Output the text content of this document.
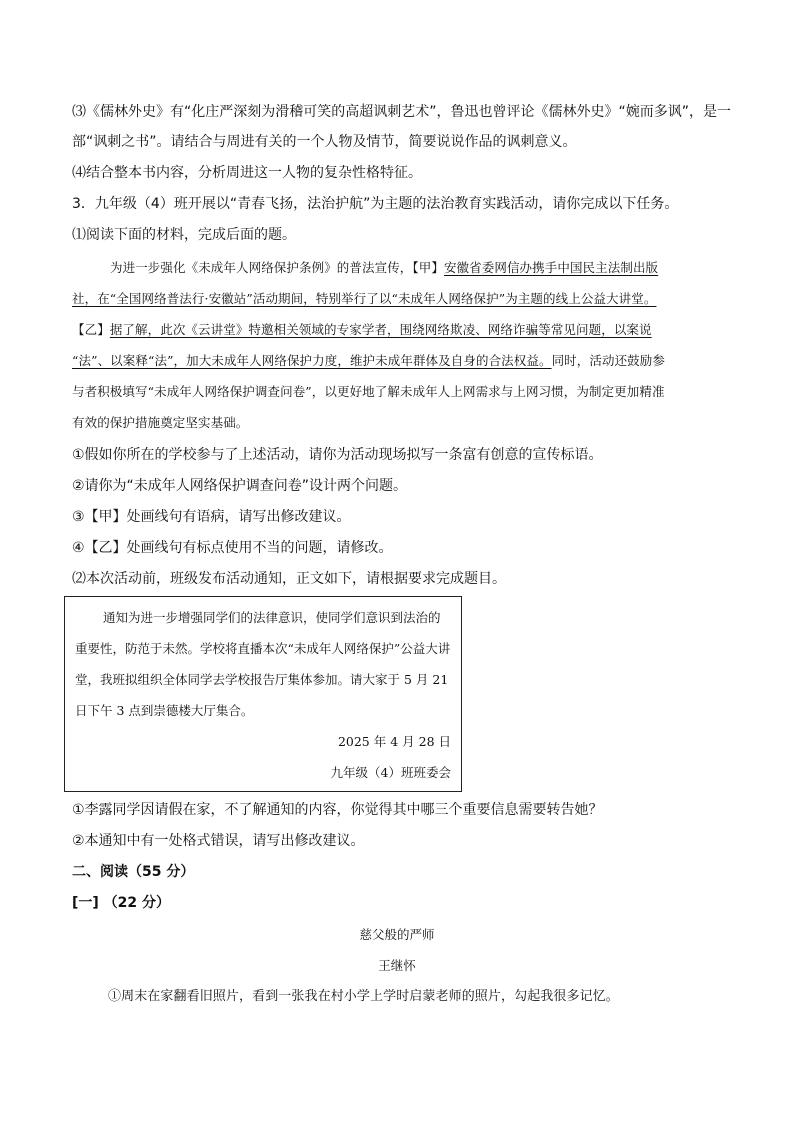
⑶《儒林外史》有“化庄严深刻为滑稽可笑的高超讽刺艺术”，鲁迅也曾评论《儒林外史》“婉而多讽”，是一
部“讽刺之书”。请结合与周进有关的一个人物及情节，简要说说作品的讽刺意义。
⑷结合整本书内容，分析周进这一人物的复杂性格特征。
3．九年级（4）班开展以“青春飞扬，法治护航”为主题的法治教育实践活动，请你完成以下任务。
⑴阅读下面的材料，完成后面的题。
为进一步强化《未成年人网络保护条例》的普法宣传，【甲】安徽省委网信办携手中国民主法制出版
社，在“全国网络普法行·安徽站”活动期间，特别举行了以“未成年人网络保护”为主题的线上公益大讲堂。
【乙】据了解，此次《云讲堂》特邀相关领域的专家学者，围绕网络欺凌、网络诈骗等常见问题，以案说
“法”、以案释“法”，加大未成年人网络保护力度，维护未成年群体及自身的合法权益。同时，活动还鼓励参
与者积极填写“未成年人网络保护调查问卷”，以更好地了解未成年人上网需求与上网习惯，为制定更加精准
有效的保护措施奠定坚实基础。
①假如你所在的学校参与了上述活动，请你为活动现场拟写一条富有创意的宣传标语。
②请你为“未成年人网络保护调查问卷”设计两个问题。
③【甲】处画线句有语病，请写出修改建议。
④【乙】处画线句有标点使用不当的问题，请修改。
⑵本次活动前，班级发布活动通知，正文如下，请根据要求完成题目。
通知为进一步增强同学们的法律意识，使同学们意识到法治的
重要性，防范于未然。学校将直播本次“未成年人网络保护”公益大讲
堂，我班拟组织全体同学去学校报告厅集体参加。请大家于 5 月 21
日下午 3 点到崇德楼大厅集合。
2025 年 4 月 28 日
九年级（4）班班委会
①李露同学因请假在家，不了解通知的内容，你觉得其中哪三个重要信息需要转告她？
②本通知中有一处格式错误，请写出修改建议。
二、阅读（55 分）
[一] （22 分）
慈父般的严师
王继怀
①周末在家翻看旧照片，看到一张我在村小学上学时启蒙老师的照片，勾起我很多记忆。
